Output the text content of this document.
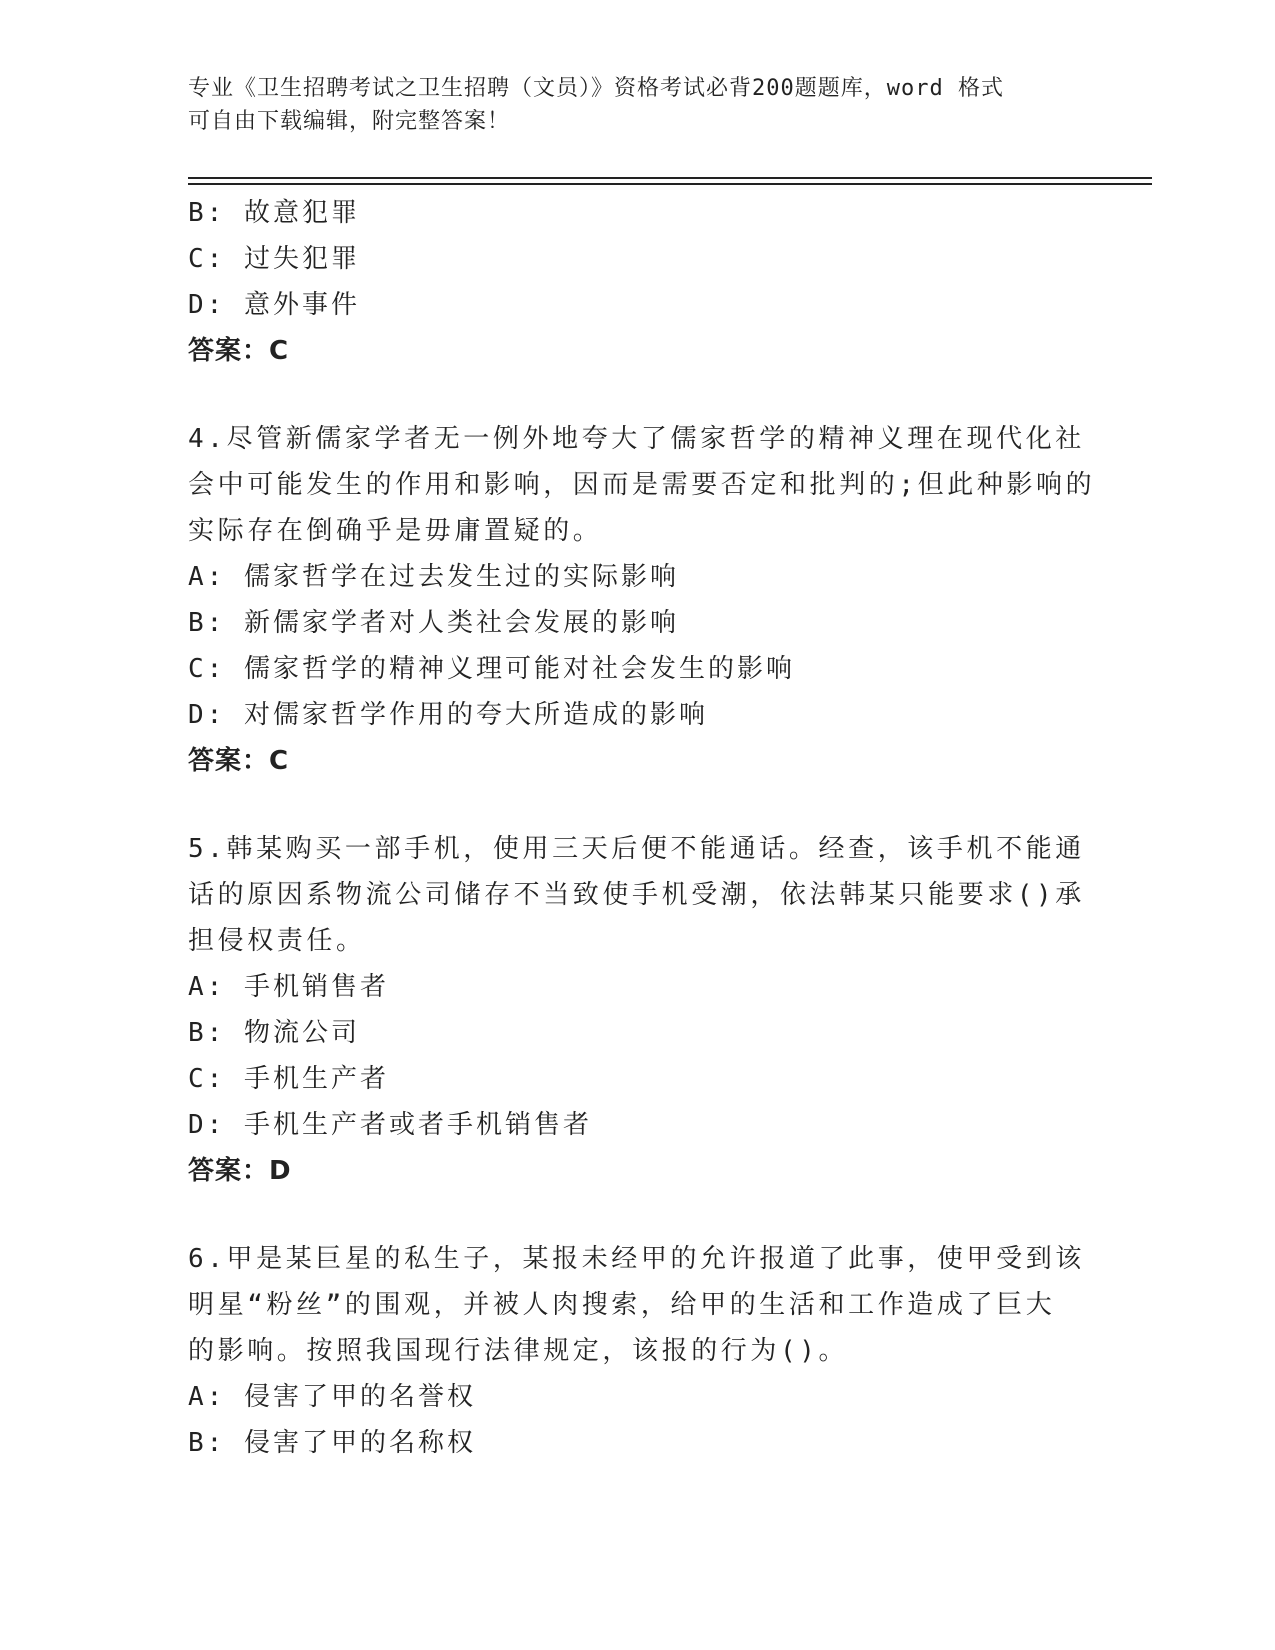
专业《卫生招聘考试之卫生招聘（文员）》资格考试必背200题题库，word 格式
可自由下载编辑，附完整答案！
B: 故意犯罪
C: 过失犯罪
D: 意外事件
答案：C
4.尽管新儒家学者无一例外地夸大了儒家哲学的精神义理在现代化社
会中可能发生的作用和影响，因而是需要否定和批判的;但此种影响的
实际存在倒确乎是毋庸置疑的。
A: 儒家哲学在过去发生过的实际影响
B: 新儒家学者对人类社会发展的影响
C: 儒家哲学的精神义理可能对社会发生的影响
D: 对儒家哲学作用的夸大所造成的影响
答案：C
5.韩某购买一部手机，使用三天后便不能通话。经查，该手机不能通
话的原因系物流公司储存不当致使手机受潮，依法韩某只能要求()承
担侵权责任。
A: 手机销售者
B: 物流公司
C: 手机生产者
D: 手机生产者或者手机销售者
答案：D
6.甲是某巨星的私生子，某报未经甲的允许报道了此事，使甲受到该
明星“粉丝”的围观，并被人肉搜索，给甲的生活和工作造成了巨大
的影响。按照我国现行法律规定，该报的行为()。
A: 侵害了甲的名誉权
B: 侵害了甲的名称权
